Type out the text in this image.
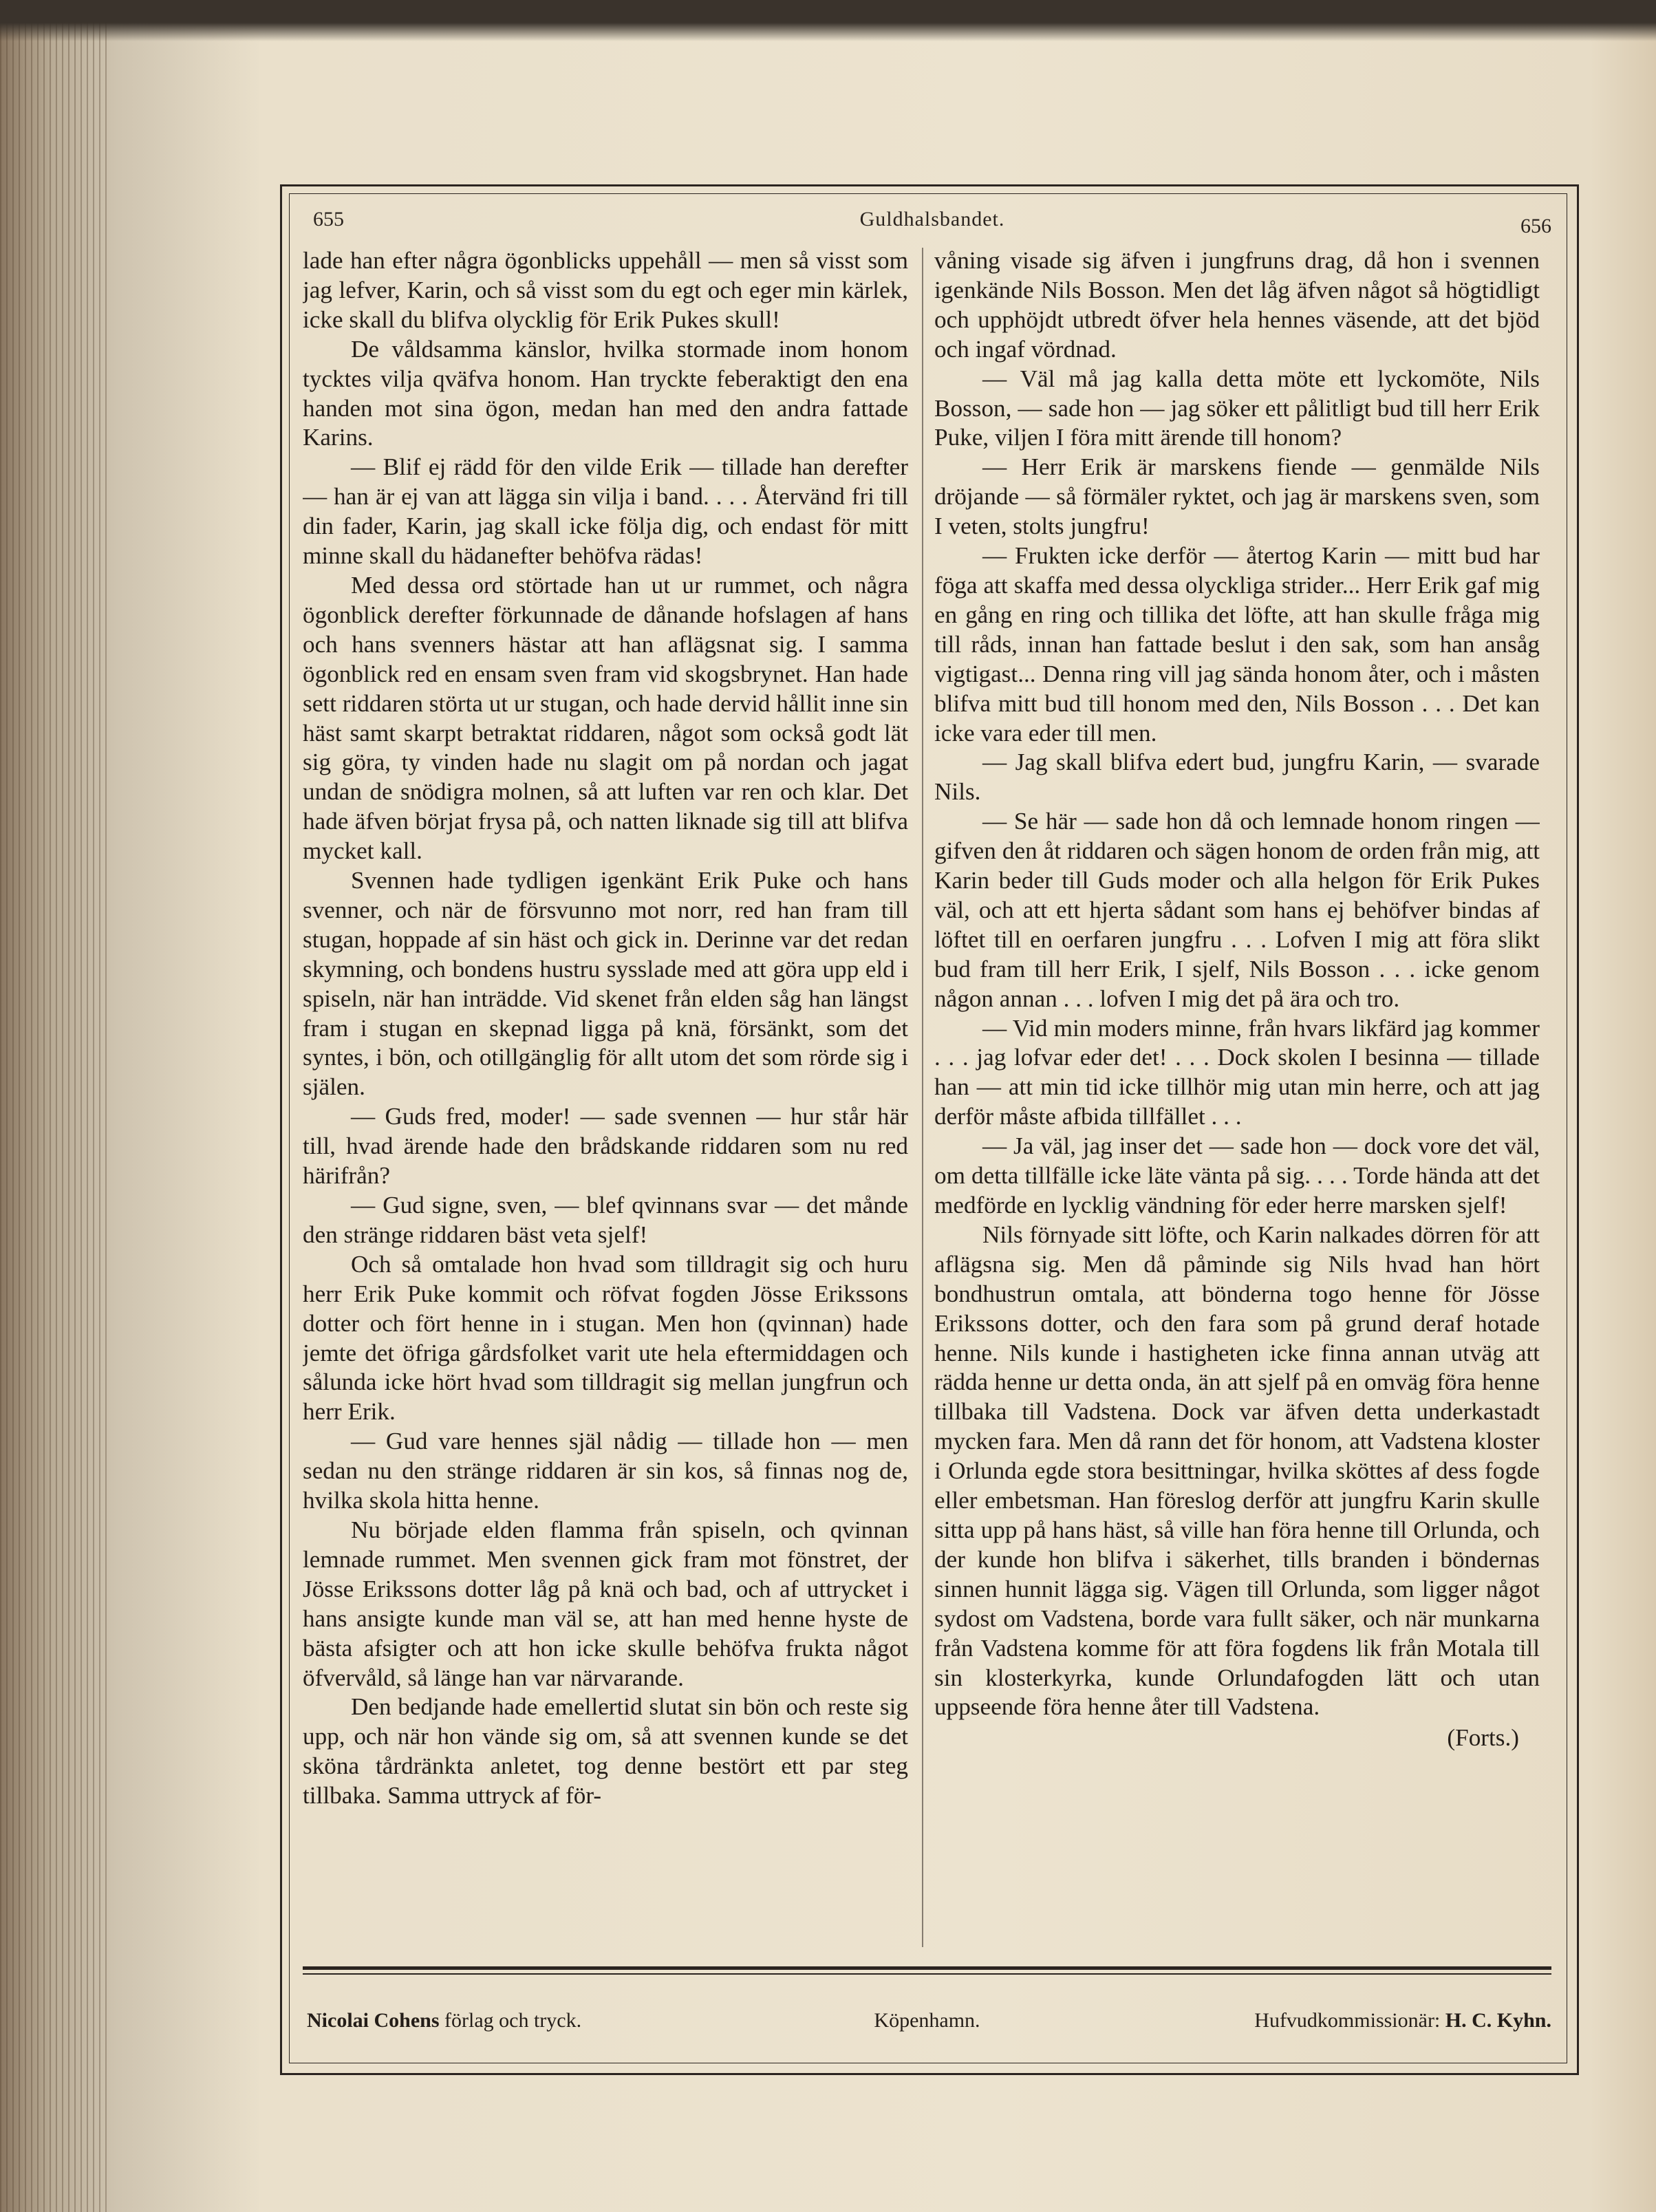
655	Guldhalsbandet.	656

lade han efter några ögonblicks uppehåll — men så visst som jag lefver, Karin, och så visst som du egt och eger min kärlek, icke skall du blifva olycklig för Erik Pukes skull!

De våldsamma känslor, hvilka stormade inom honom tycktes vilja qväfva honom. Han tryckte feberaktigt den ena handen mot sina ögon, medan han med den andra fattade Karins.

— Blif ej rädd för den vilde Erik — tillade han derefter — han är ej van att lägga sin vilja i band. . . . Återvänd fri till din fader, Karin, jag skall icke följa dig, och endast för mitt minne skall du hädanefter behöfva rädas!

Med dessa ord störtade han ut ur rummet, och några ögonblick derefter förkunnade de dånande hofslagen af hans och hans svenners hästar att han aflägsnat sig. I samma ögonblick red en ensam sven fram vid skogsbrynet. Han hade sett riddaren störta ut ur stugan, och hade dervid hållit inne sin häst samt skarpt betraktat riddaren, något som också godt lät sig göra, ty vinden hade nu slagit om på nordan och jagat undan de snödigra molnen, så att luften var ren och klar. Det hade äfven börjat frysa på, och natten liknade sig till att blifva mycket kall.

Svennen hade tydligen igenkänt Erik Puke och hans svenner, och när de försvunno mot norr, red han fram till stugan, hoppade af sin häst och gick in. Derinne var det redan skymning, och bondens hustru sysslade med att göra upp eld i spiseln, när han inträdde. Vid skenet från elden såg han längst fram i stugan en skepnad ligga på knä, försänkt, som det syntes, i bön, och otillgänglig för allt utom det som rörde sig i själen.

— Guds fred, moder! — sade svennen — hur står här till, hvad ärende hade den brådskande riddaren som nu red härifrån?

— Gud signe, sven, — blef qvinnans svar — det månde den stränge riddaren bäst veta sjelf!

Och så omtalade hon hvad som tilldragit sig och huru herr Erik Puke kommit och röfvat fogden Jösse Erikssons dotter och fört henne in i stugan. Men hon (qvinnan) hade jemte det öfriga gårdsfolket varit ute hela eftermiddagen och sålunda icke hört hvad som tilldragit sig mellan jungfrun och herr Erik.

— Gud vare hennes själ nådig — tillade hon — men sedan nu den stränge riddaren är sin kos, så finnas nog de, hvilka skola hitta henne.

Nu började elden flamma från spiseln, och qvinnan lemnade rummet. Men svennen gick fram mot fönstret, der Jösse Erikssons dotter låg på knä och bad, och af uttrycket i hans ansigte kunde man väl se, att han med henne hyste de bästa afsigter och att hon icke skulle behöfva frukta något öfvervåld, så länge han var närvarande.

Den bedjande hade emellertid slutat sin bön och reste sig upp, och när hon vände sig om, så att svennen kunde se det sköna tårdränkta anletet, tog denne bestört ett par steg tillbaka. Samma uttryck af för-

våning visade sig äfven i jungfruns drag, då hon i svennen igenkände Nils Bosson. Men det låg äfven något så högtidligt och upphöjdt utbredt öfver hela hennes väsende, att det bjöd och ingaf vördnad.

— Väl må jag kalla detta möte ett lyckomöte, Nils Bosson, — sade hon — jag söker ett pålitligt bud till herr Erik Puke, viljen I föra mitt ärende till honom?

— Herr Erik är marskens fiende — genmälde Nils dröjande — så förmäler ryktet, och jag är marskens sven, som I veten, stolts jungfru!

— Frukten icke derför — återtog Karin — mitt bud har föga att skaffa med dessa olyckliga strider... Herr Erik gaf mig en gång en ring och tillika det löfte, att han skulle fråga mig till råds, innan han fattade beslut i den sak, som han ansåg vigtigast... Denna ring vill jag sända honom åter, och i måsten blifva mitt bud till honom med den, Nils Bosson . . . Det kan icke vara eder till men.

— Jag skall blifva edert bud, jungfru Karin, — svarade Nils.

— Se här — sade hon då och lemnade honom ringen — gifven den åt riddaren och sägen honom de orden från mig, att Karin beder till Guds moder och alla helgon för Erik Pukes väl, och att ett hjerta sådant som hans ej behöfver bindas af löftet till en oerfaren jungfru . . . Lofven I mig att föra slikt bud fram till herr Erik, I sjelf, Nils Bosson . . . icke genom någon annan . . . lofven I mig det på ära och tro.

— Vid min moders minne, från hvars likfärd jag kommer . . . jag lofvar eder det! . . . Dock skolen I besinna — tillade han — att min tid icke tillhör mig utan min herre, och att jag derför måste afbida tillfället . . .

— Ja väl, jag inser det — sade hon — dock vore det väl, om detta tillfälle icke läte vänta på sig. . . . Torde hända att det medförde en lycklig vändning för eder herre marsken sjelf!

Nils förnyade sitt löfte, och Karin nalkades dörren för att aflägsna sig. Men då påminde sig Nils hvad han hört bondhustrun omtala, att bönderna togo henne för Jösse Erikssons dotter, och den fara som på grund deraf hotade henne. Nils kunde i hastigheten icke finna annan utväg att rädda henne ur detta onda, än att sjelf på en omväg föra henne tillbaka till Vadstena. Dock var äfven detta underkastadt mycken fara. Men då rann det för honom, att Vadstena kloster i Orlunda egde stora besittningar, hvilka sköttes af dess fogde eller embetsman. Han föreslog derför att jungfru Karin skulle sitta upp på hans häst, så ville han föra henne till Orlunda, och der kunde hon blifva i säkerhet, tills branden i böndernas sinnen hunnit lägga sig. Vägen till Orlunda, som ligger något sydost om Vadstena, borde vara fullt säker, och när munkarna från Vadstena komme för att föra fogdens lik från Motala till sin klosterkyrka, kunde Orlundafogden lätt och utan uppseende föra henne åter till Vadstena.

(Forts.)
Nicolai Cohens förlag och tryck.	Köpenhamn.	Hufvudkommissionär: H. C. Kyhn.
